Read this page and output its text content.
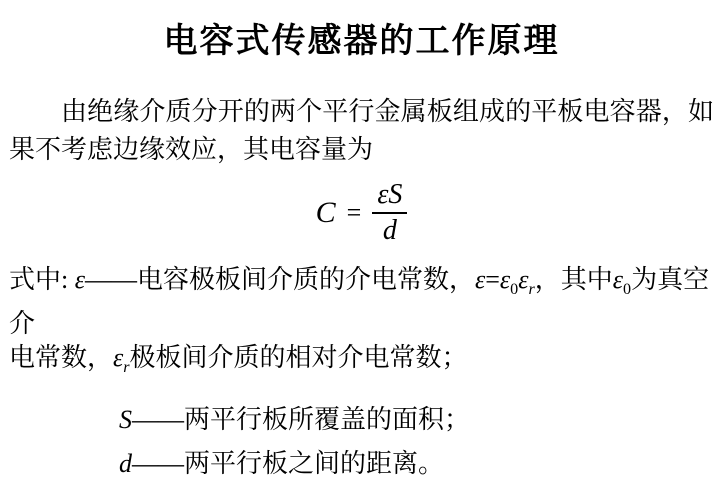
电容式传感器的工作原理

由绝缘介质分开的两个平行金属板组成的平板电容器，如

果不考虑边缘效应，其电容量为

$C = \frac{\varepsilon S}{d}$

式中: ε——电容极板间介质的介电常数，$\varepsilon=\varepsilon_0\varepsilon_r$，其中$\varepsilon_0$为真空介

电常数，$\varepsilon_r$极板间介质的相对介电常数；

S——两平行板所覆盖的面积；

d——两平行板之间的距离。
